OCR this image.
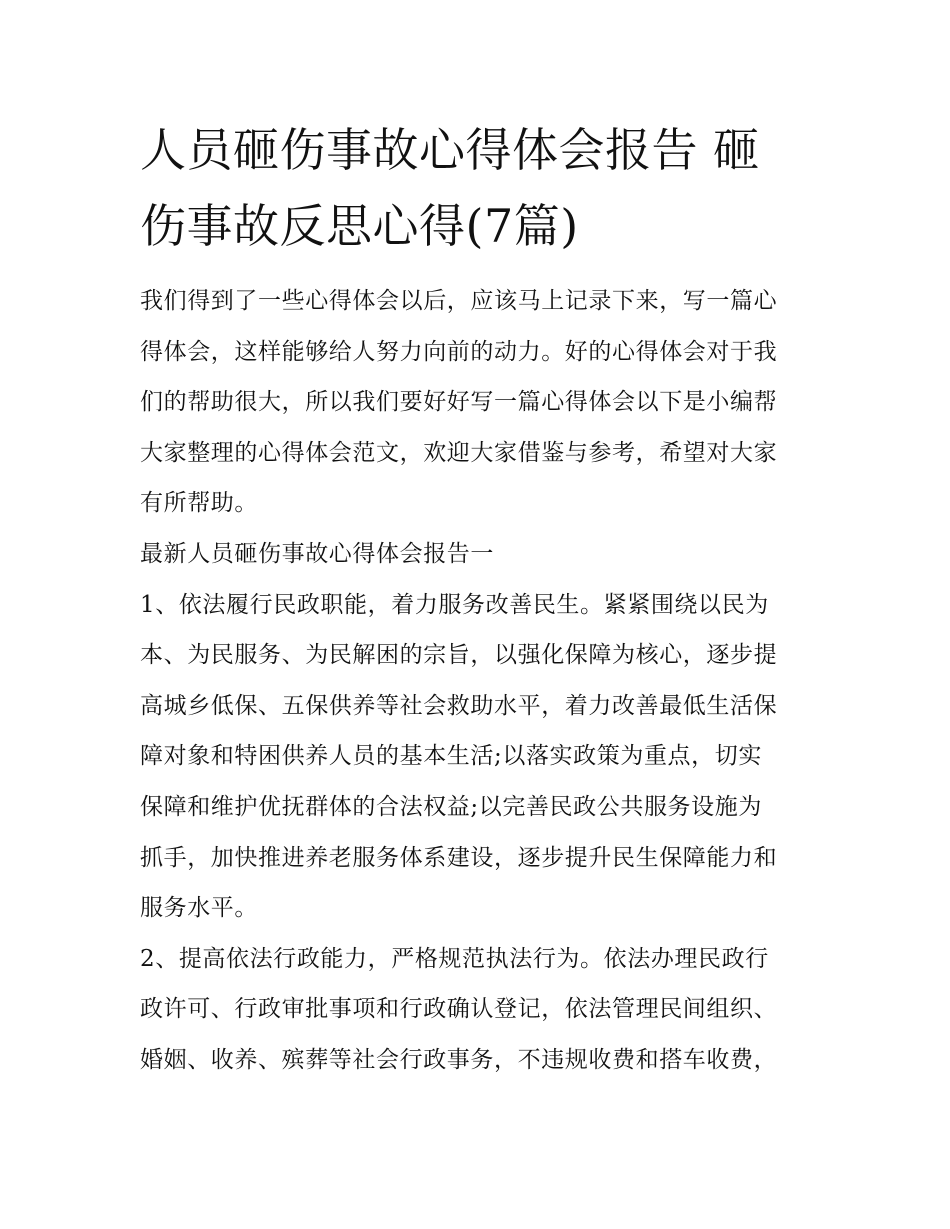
人员砸伤事故心得体会报告 砸
伤事故反思心得(7篇)

我们得到了一些心得体会以后，应该马上记录下来，写一篇心
得体会，这样能够给人努力向前的动力。好的心得体会对于我
们的帮助很大，所以我们要好好写一篇心得体会以下是小编帮
大家整理的心得体会范文，欢迎大家借鉴与参考，希望对大家
有所帮助。

最新人员砸伤事故心得体会报告一

1、依法履行民政职能，着力服务改善民生。紧紧围绕以民为
本、为民服务、为民解困的宗旨，以强化保障为核心，逐步提
高城乡低保、五保供养等社会救助水平，着力改善最低生活保
障对象和特困供养人员的基本生活;以落实政策为重点，切实
保障和维护优抚群体的合法权益;以完善民政公共服务设施为
抓手，加快推进养老服务体系建设，逐步提升民生保障能力和
服务水平。

2、提高依法行政能力，严格规范执法行为。依法办理民政行
政许可、行政审批事项和行政确认登记，依法管理民间组织、
婚姻、收养、殡葬等社会行政事务，不违规收费和搭车收费，
